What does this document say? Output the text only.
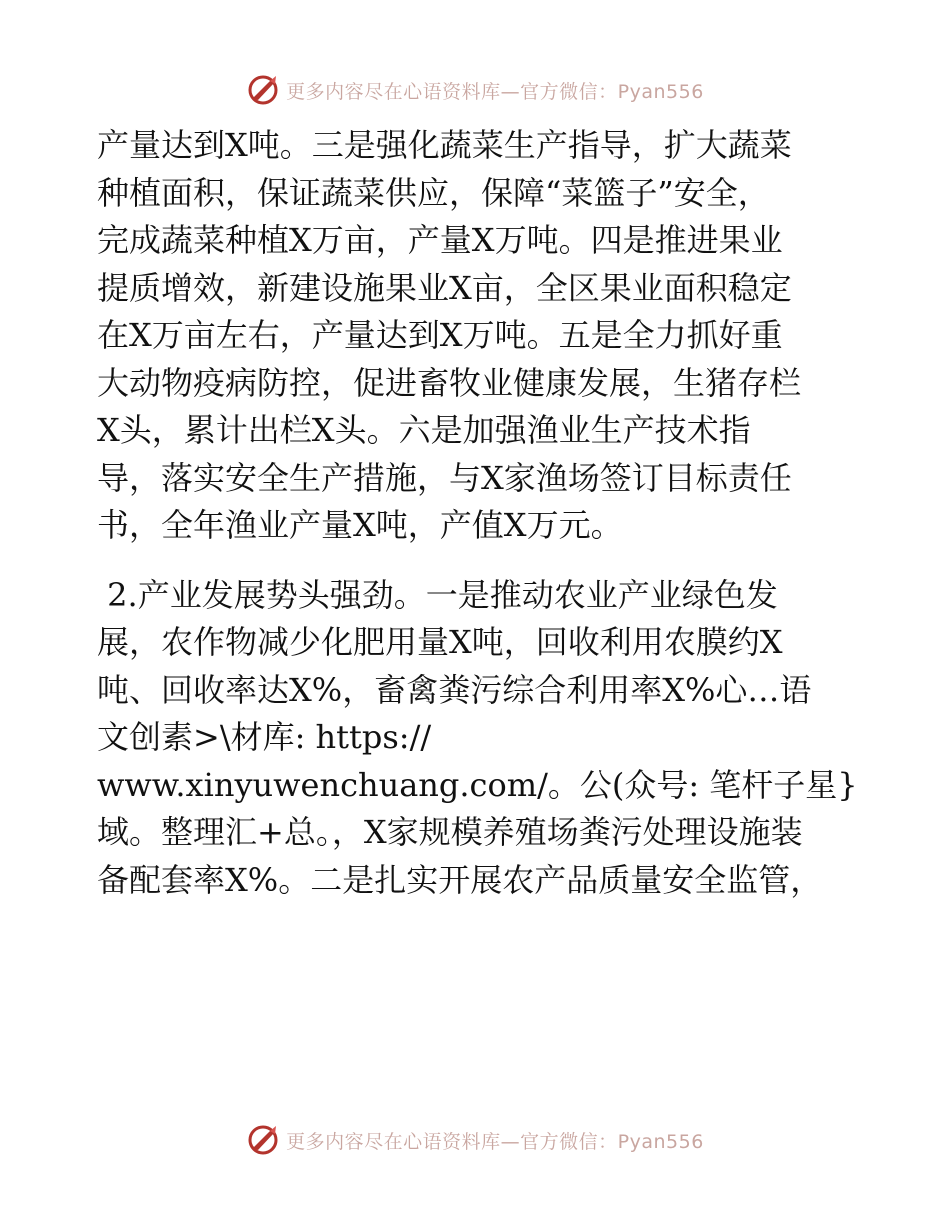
更多内容尽在心语资料库—官方微信：Pyan556
产量达到X吨。三是强化蔬菜生产指导，扩大蔬菜
种植面积，保证蔬菜供应，保障“菜篮子”安全，
完成蔬菜种植X万亩，产量X万吨。四是推进果业
提质增效，新建设施果业X亩，全区果业面积稳定
在X万亩左右，产量达到X万吨。五是全力抓好重
大动物疫病防控，促进畜牧业健康发展，生猪存栏
X头，累计出栏X头。六是加强渔业生产技术指
导，落实安全生产措施，与X家渔场签订目标责任
书，全年渔业产量X吨，产值X万元。
2.产业发展势头强劲。一是推动农业产业绿色发
展，农作物减少化肥用量X吨，回收利用农膜约X
吨、回收率达X%，畜禽粪污综合利用率X%心…语
文创素>\材库: https://
www.xinyuwenchuang.com/。公(众号: 笔杆子星}
域。整理汇+总。，X家规模养殖场粪污处理设施装
备配套率X%。二是扎实开展农产品质量安全监管，
更多内容尽在心语资料库—官方微信：Pyan556
